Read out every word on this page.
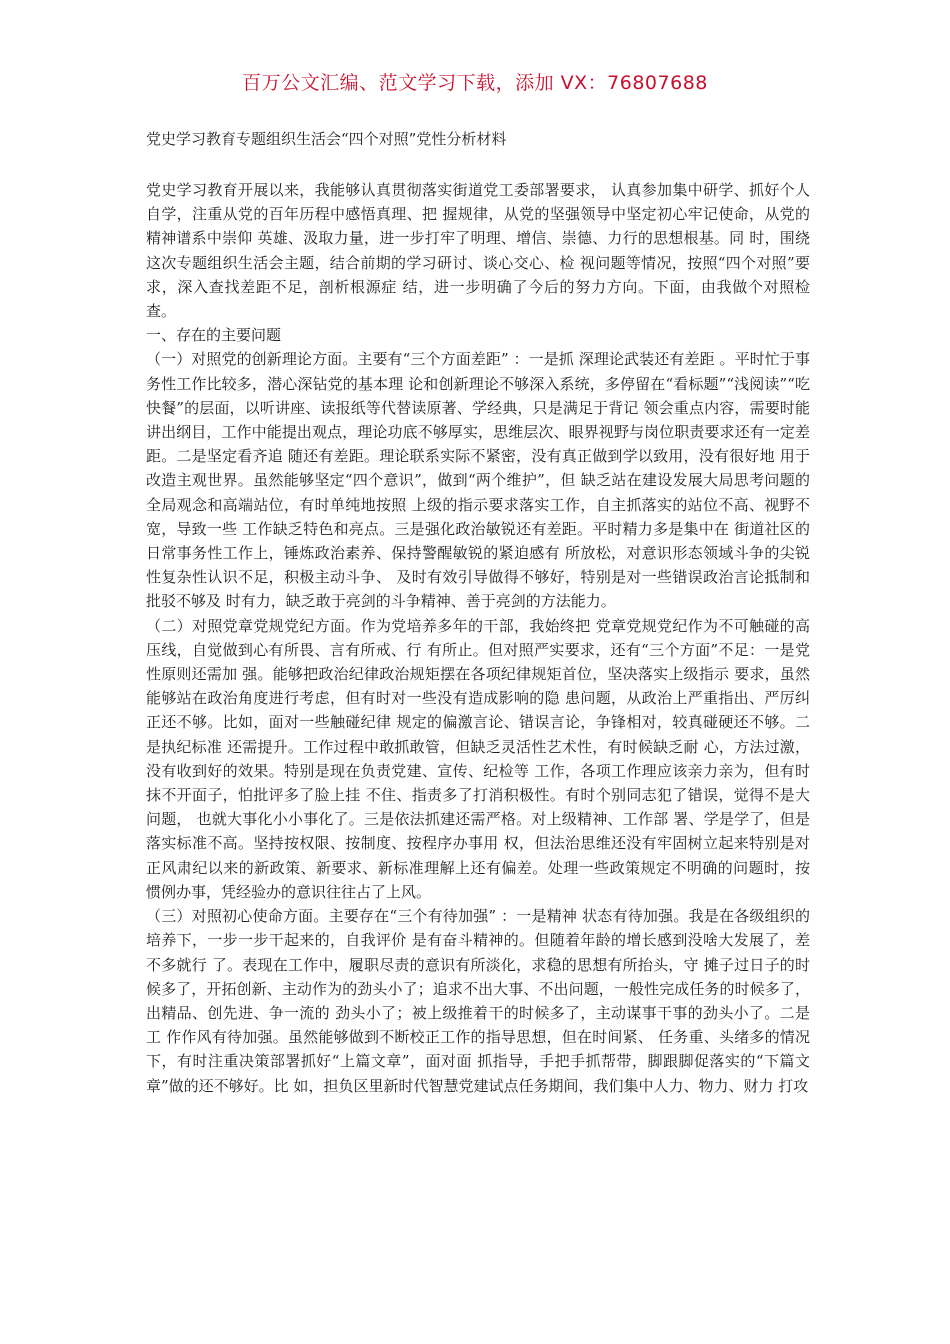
百万公文汇编、范文学习下载，添加 VX：76807688
党史学习教育专题组织生活会“四个对照”党性分析材料

党史学习教育开展以来，我能够认真贯彻落实街道党工委部署要求， 认真参加集中研学、抓好个人自学，注重从党的百年历程中感悟真理、把 握规律，从党的坚强领导中坚定初心牢记使命，从党的精神谱系中崇仰 英雄、汲取力量，进一步打牢了明理、增信、崇德、力行的思想根基。同 时，围绕这次专题组织生活会主题，结合前期的学习研讨、谈心交心、检 视问题等情况，按照“四个对照”要求，深入查找差距不足，剖析根源症 结，进一步明确了今后的努力方向。下面，由我做个对照检查。

一、存在的主要问题

（一）对照党的创新理论方面。主要有“三个方面差距” ：一是抓 深理论武装还有差距 。平时忙于事务性工作比较多，潜心深钻党的基本理 论和创新理论不够深入系统，多停留在“看标题”“浅阅读”“吃快餐”的层面，以听讲座、读报纸等代替读原著、学经典，只是满足于背记 领会重点内容，需要时能讲出纲目，工作中能提出观点，理论功底不够厚实，思维层次、眼界视野与岗位职责要求还有一定差距。二是坚定看齐追 随还有差距。理论联系实际不紧密，没有真正做到学以致用，没有很好地 用于改造主观世界。虽然能够坚定“四个意识”，做到“两个维护”，但 缺乏站在建设发展大局思考问题的全局观念和高端站位，有时单纯地按照 上级的指示要求落实工作，自主抓落实的站位不高、视野不宽，导致一些 工作缺乏特色和亮点。三是强化政治敏锐还有差距。平时精力多是集中在 街道社区的日常事务性工作上，锤炼政治素养、保持警醒敏锐的紧迫感有 所放松，对意识形态领域斗争的尖锐性复杂性认识不足，积极主动斗争、 及时有效引导做得不够好，特别是对一些错误政治言论抵制和批驳不够及 时有力，缺乏敢于亮剑的斗争精神、善于亮剑的方法能力。

（二）对照党章党规党纪方面。作为党培养多年的干部，我始终把 党章党规党纪作为不可触碰的高压线，自觉做到心有所畏、言有所戒、行 有所止。但对照严实要求，还有“三个方面”不足：一是党性原则还需加 强。能够把政治纪律政治规矩摆在各项纪律规矩首位，坚决落实上级指示 要求，虽然能够站在政治角度进行考虑，但有时对一些没有造成影响的隐 患问题，从政治上严重指出、严厉纠正还不够。比如，面对一些触碰纪律 规定的偏激言论、错误言论，争锋相对，较真碰硬还不够。二是执纪标准 还需提升。工作过程中敢抓敢管，但缺乏灵活性艺术性，有时候缺乏耐 心，方法过激，没有收到好的效果。特别是现在负责党建、宣传、纪检等 工作，各项工作理应该亲力亲为，但有时抹不开面子，怕批评多了脸上挂 不住、指责多了打消积极性。有时个别同志犯了错误，觉得不是大问题， 也就大事化小小事化了。三是依法抓建还需严格。对上级精神、工作部 署、学是学了，但是落实标准不高。坚持按权限、按制度、按程序办事用 权，但法治思维还没有牢固树立起来特别是对正风肃纪以来的新政策、新要求、新标准理解上还有偏差。处理一些政策规定不明确的问题时，按 惯例办事，凭经验办的意识往往占了上风。

（三）对照初心使命方面。主要存在“三个有待加强” ：一是精神 状态有待加强。我是在各级组织的培养下，一步一步干起来的，自我评价 是有奋斗精神的。但随着年龄的增长感到没啥大发展了，差不多就行 了。表现在工作中，履职尽责的意识有所淡化，求稳的思想有所抬头，守 摊子过日子的时候多了，开拓创新、主动作为的劲头小了；追求不出大事、不出问题，一般性完成任务的时候多了，出精品、创先进、争一流的 劲头小了；被上级推着干的时候多了，主动谋事干事的劲头小了。二是工 作作风有待加强。虽然能够做到不断校正工作的指导思想，但在时间紧、 任务重、头绪多的情况下，有时注重决策部署抓好“上篇文章”，面对面 抓指导，手把手抓帮带，脚跟脚促落实的“下篇文章”做的还不够好。比 如，担负区里新时代智慧党建试点任务期间，我们集中人力、物力、财力 打攻
